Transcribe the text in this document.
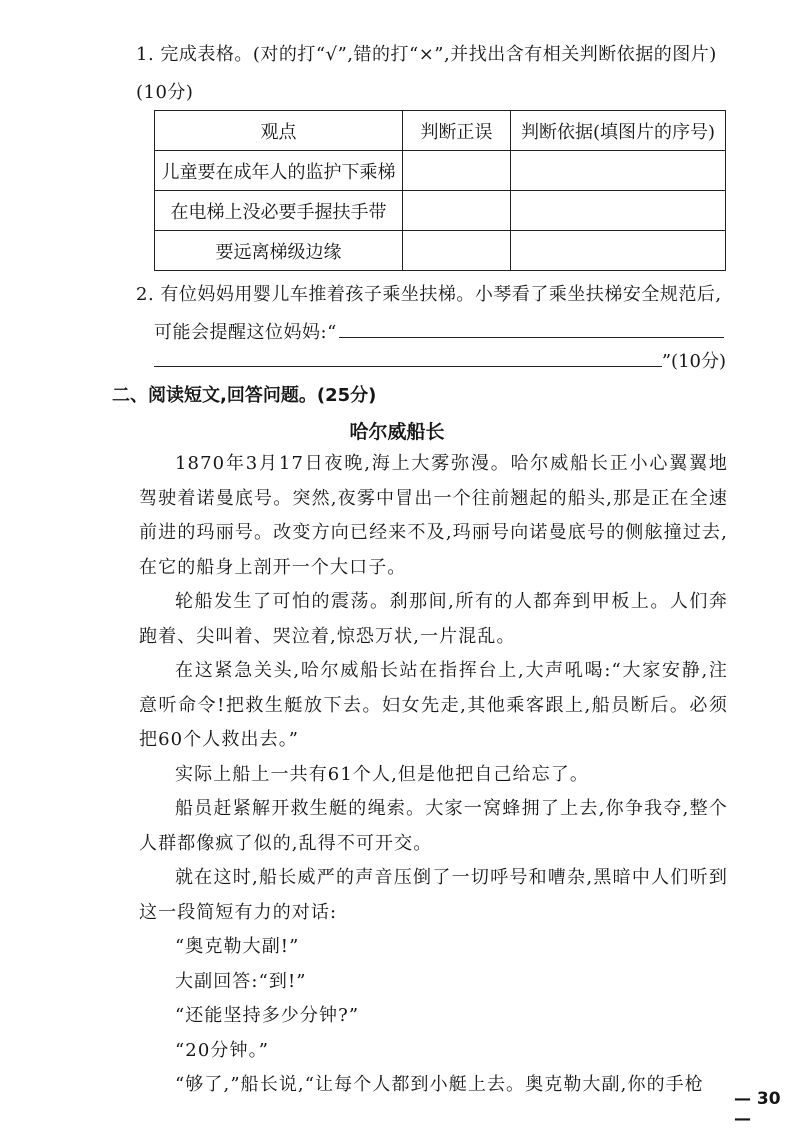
1. 完成表格。(对的打“√”,错的打“×”,并找出含有相关判断依据的图片)(10分)
观点	判断正误	判断依据(填图片的序号)
儿童要在成年人的监护下乘梯		
在电梯上没必要手握扶手带		
要远离梯级边缘		
2. 有位妈妈用婴儿车推着孩子乘坐扶梯。小琴看了乘坐扶梯安全规范后,
可能会提醒这位妈妈:“
”(10分)
二、阅读短文,回答问题。(25分)
哈尔威船长

1870年3月17日夜晚,海上大雾弥漫。哈尔威船长正小心翼翼地驾驶着诺曼底号。突然,夜雾中冒出一个往前翘起的船头,那是正在全速前进的玛丽号。改变方向已经来不及,玛丽号向诺曼底号的侧舷撞过去,在它的船身上剖开一个大口子。

轮船发生了可怕的震荡。刹那间,所有的人都奔到甲板上。人们奔跑着、尖叫着、哭泣着,惊恐万状,一片混乱。

在这紧急关头,哈尔威船长站在指挥台上,大声吼喝:“大家安静,注意听命令!把救生艇放下去。妇女先走,其他乘客跟上,船员断后。必须把60个人救出去。”

实际上船上一共有61个人,但是他把自己给忘了。

船员赶紧解开救生艇的绳索。大家一窝蜂拥了上去,你争我夺,整个人群都像疯了似的,乱得不可开交。

就在这时,船长威严的声音压倒了一切呼号和嘈杂,黑暗中人们听到这一段简短有力的对话:

“奥克勒大副!”

大副回答:“到!”

“还能坚持多少分钟?”

“20分钟。”

“够了,”船长说,“让每个人都到小艇上去。奥克勒大副,你的手枪

— 30 —
